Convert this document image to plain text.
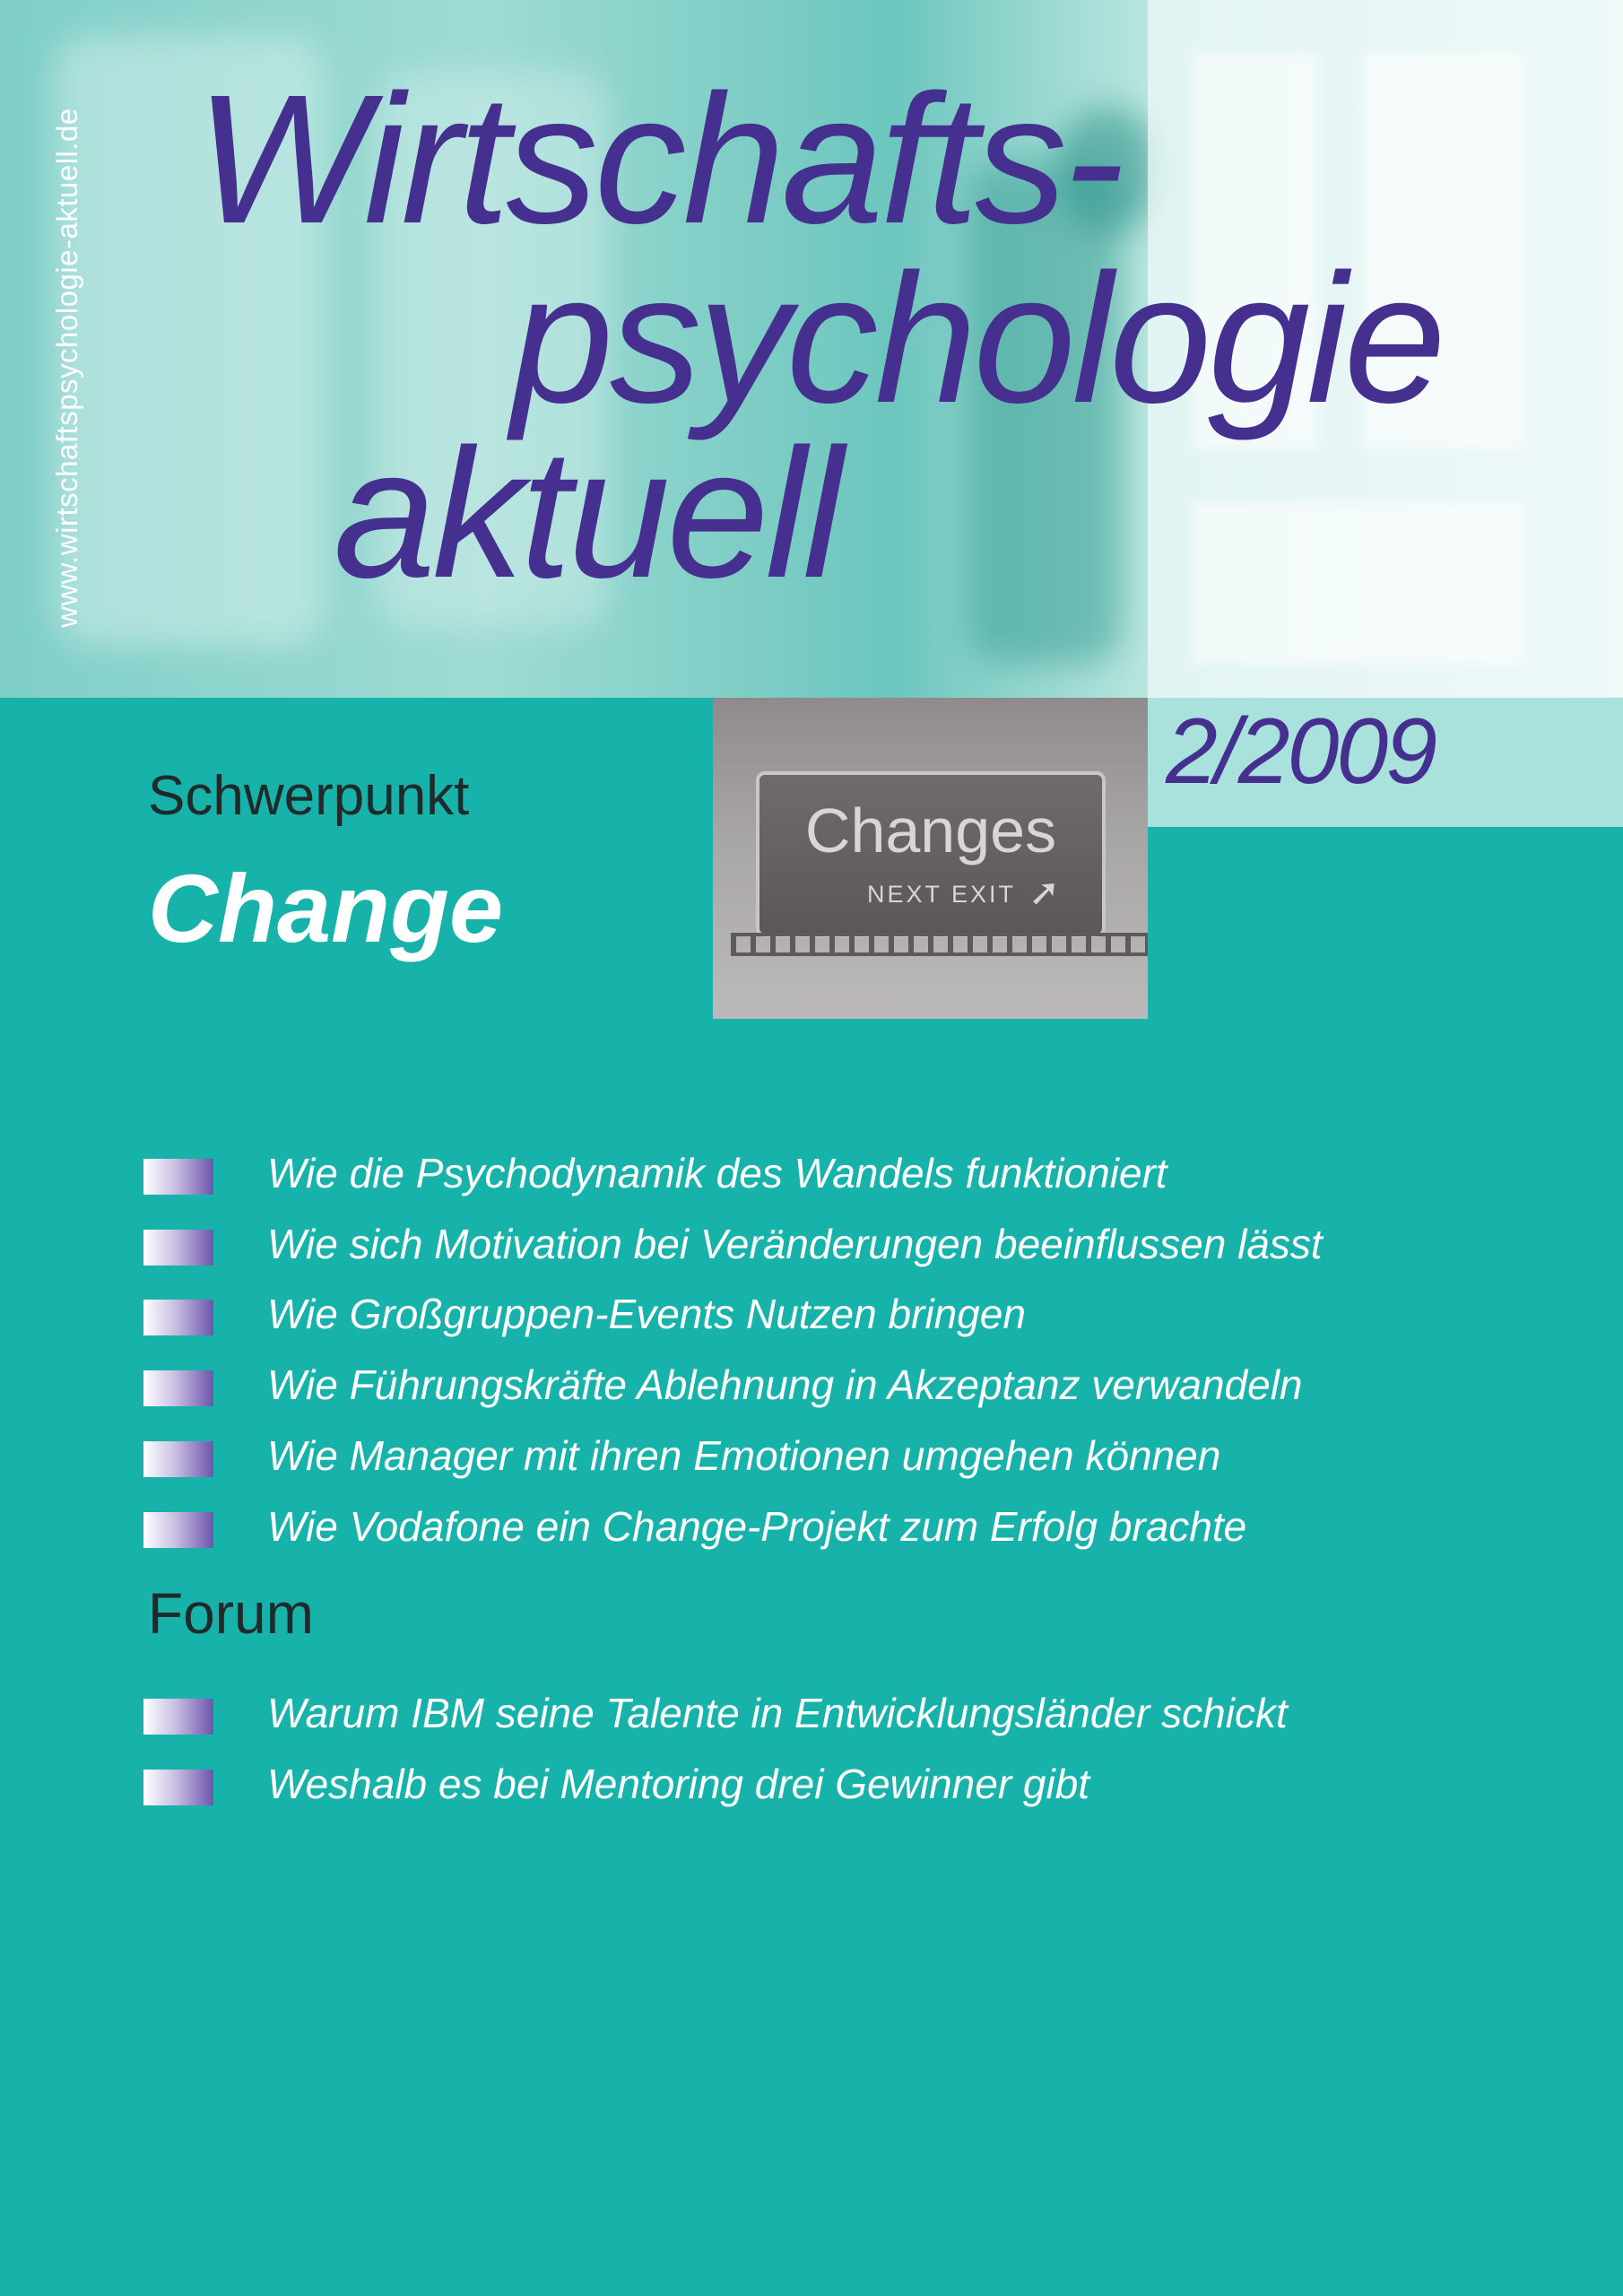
www.wirtschaftspsychologie-aktuell.de Wirtschafts-
psychologie
aktuell
2/2009
Changes
NEXT EXIT ➚
Schwerpunkt
Change
Wie die Psychodynamik des Wandels funktioniert
Wie sich Motivation bei Veränderungen beeinflussen lässt
Wie Großgruppen-Events Nutzen bringen
Wie Führungskräfte Ablehnung in Akzeptanz verwandeln
Wie Manager mit ihren Emotionen umgehen können
Wie Vodafone ein Change-Projekt zum Erfolg brachte
Forum
Warum IBM seine Talente in Entwicklungsländer schickt
Weshalb es bei Mentoring drei Gewinner gibt
